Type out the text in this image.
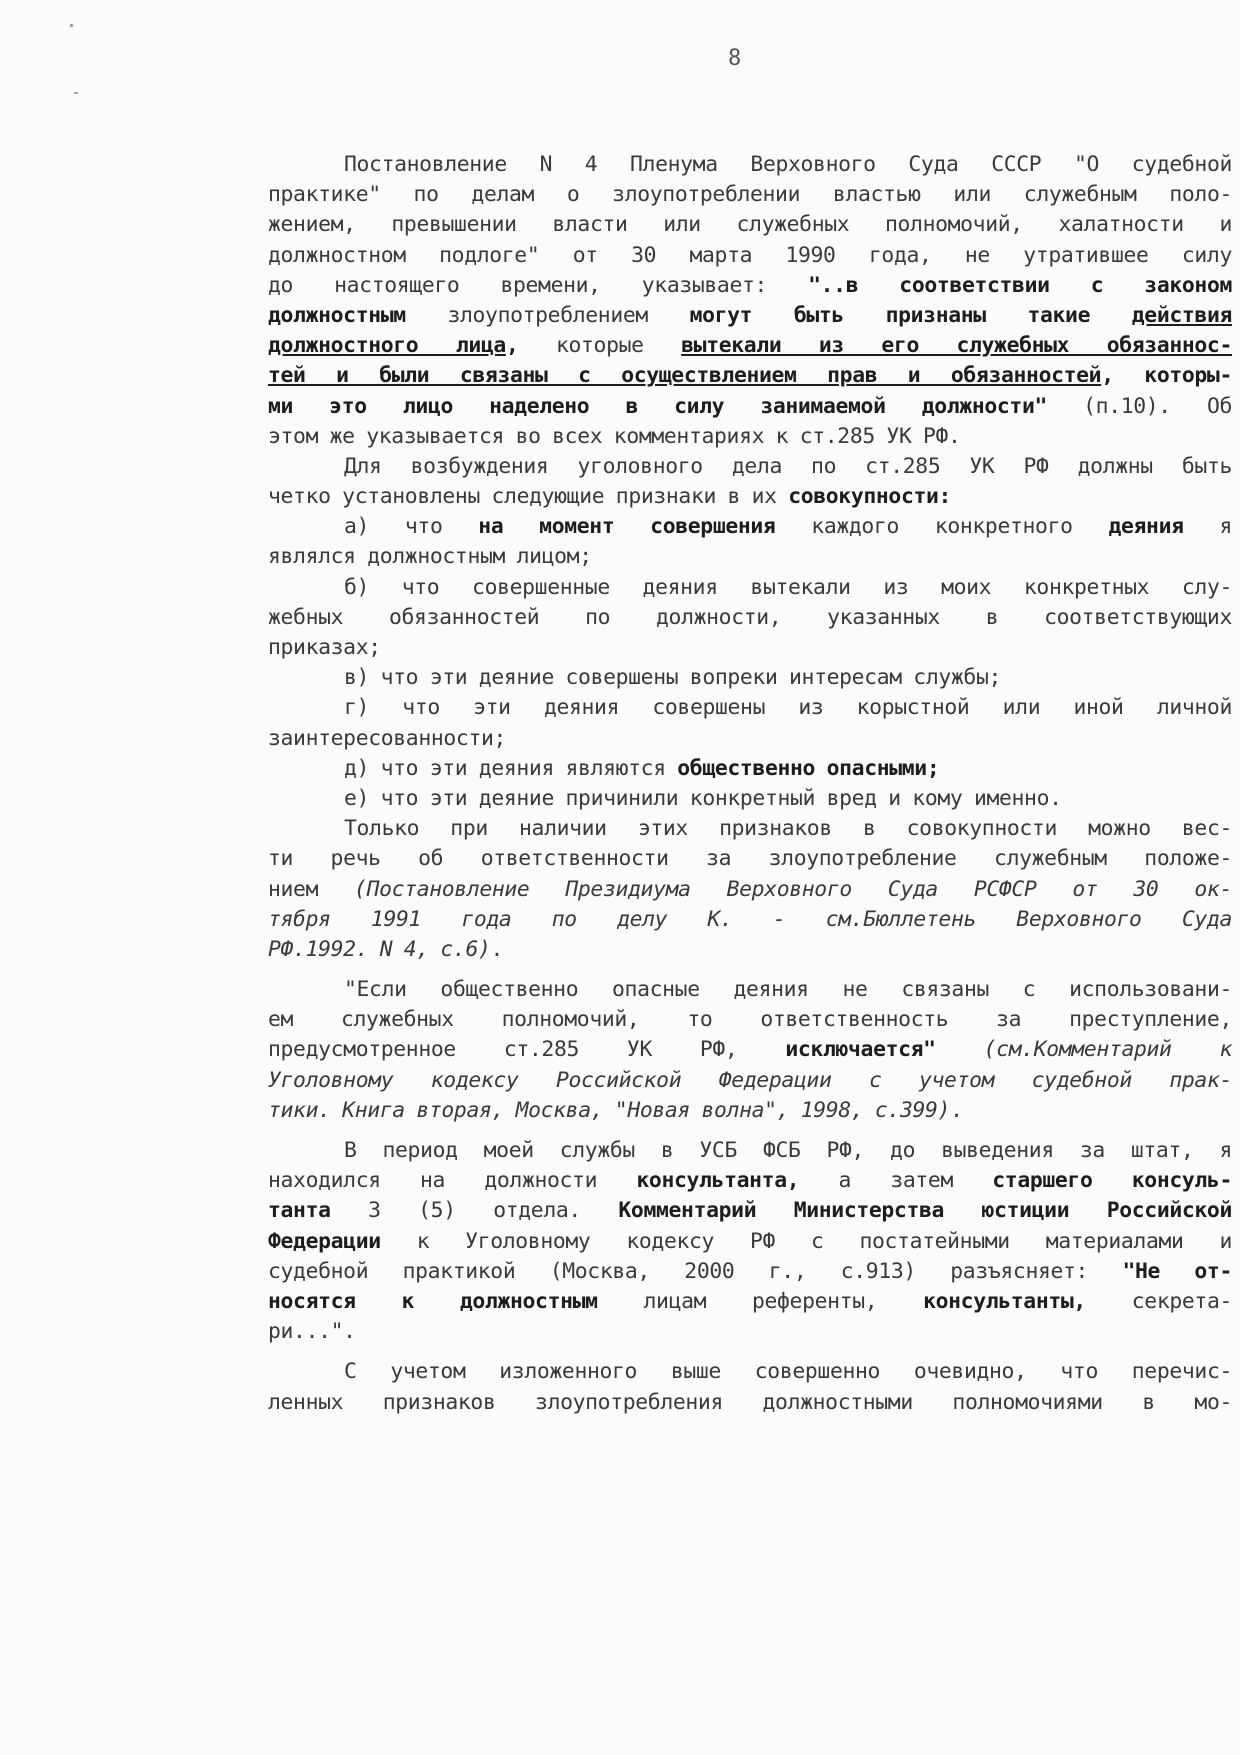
8
Постановление N 4 Пленума Верховного Суда СССР "О судебной
практике" по делам о злоупотреблении властью или служебным поло-
жением, превышении власти или служебных полномочий, халатности и
должностном подлоге" от 30 марта 1990 года, не утратившее силу
до настоящего времени, указывает: "..в соответствии с законом
должностным злоупотреблением могут быть признаны такие действия
должностного лица, которые вытекали из его служебных обязаннос-
тей и были связаны с осуществлением прав и обязанностей, которы-
ми это лицо наделено в силу занимаемой должности" (п.10). Об
этом же указывается во всех комментариях к ст.285 УК РФ.
Для возбуждения уголовного дела по ст.285 УК РФ должны быть
четко установлены следующие признаки в их совокупности:
а) что на момент совершения каждого конкретного деяния я
являлся должностным лицом;
б) что совершенные деяния вытекали из моих конкретных слу-
жебных обязанностей по должности, указанных в соответствующих
приказах;
в) что эти деяние совершены вопреки интересам службы;
г) что эти деяния совершены из корыстной или иной личной
заинтересованности;
д) что эти деяния являются общественно опасными;
е) что эти деяние причинили конкретный вред и кому именно.
Только при наличии этих признаков в совокупности можно вес-
ти речь об ответственности за злоупотребление служебным положе-
нием (Постановление Президиума Верховного Суда РСФСР от 30 ок-
тября 1991 года по делу К. - см.Бюллетень Верховного Суда
РФ.1992. N 4, с.6).
"Если общественно опасные деяния не связаны с использовани-
ем служебных полномочий, то ответственность за преступление,
предусмотренное ст.285 УК РФ, исключается" (см.Комментарий к
Уголовному кодексу Российской Федерации с учетом судебной прак-
тики. Книга вторая, Москва, "Новая волна", 1998, с.399).
В период моей службы в УСБ ФСБ РФ, до выведения за штат, я
находился на должности консультанта, а затем старшего консуль-
танта 3 (5) отдела. Комментарий Министерства юстиции Российской
Федерации к Уголовному кодексу РФ с постатейными материалами и
судебной практикой (Москва, 2000 г., с.913) разъясняет: "Не от-
носятся к должностным лицам референты, консультанты, секрета-
ри...".
С учетом изложенного выше совершенно очевидно, что перечис-
ленных признаков злоупотребления должностными полномочиями в мо-
